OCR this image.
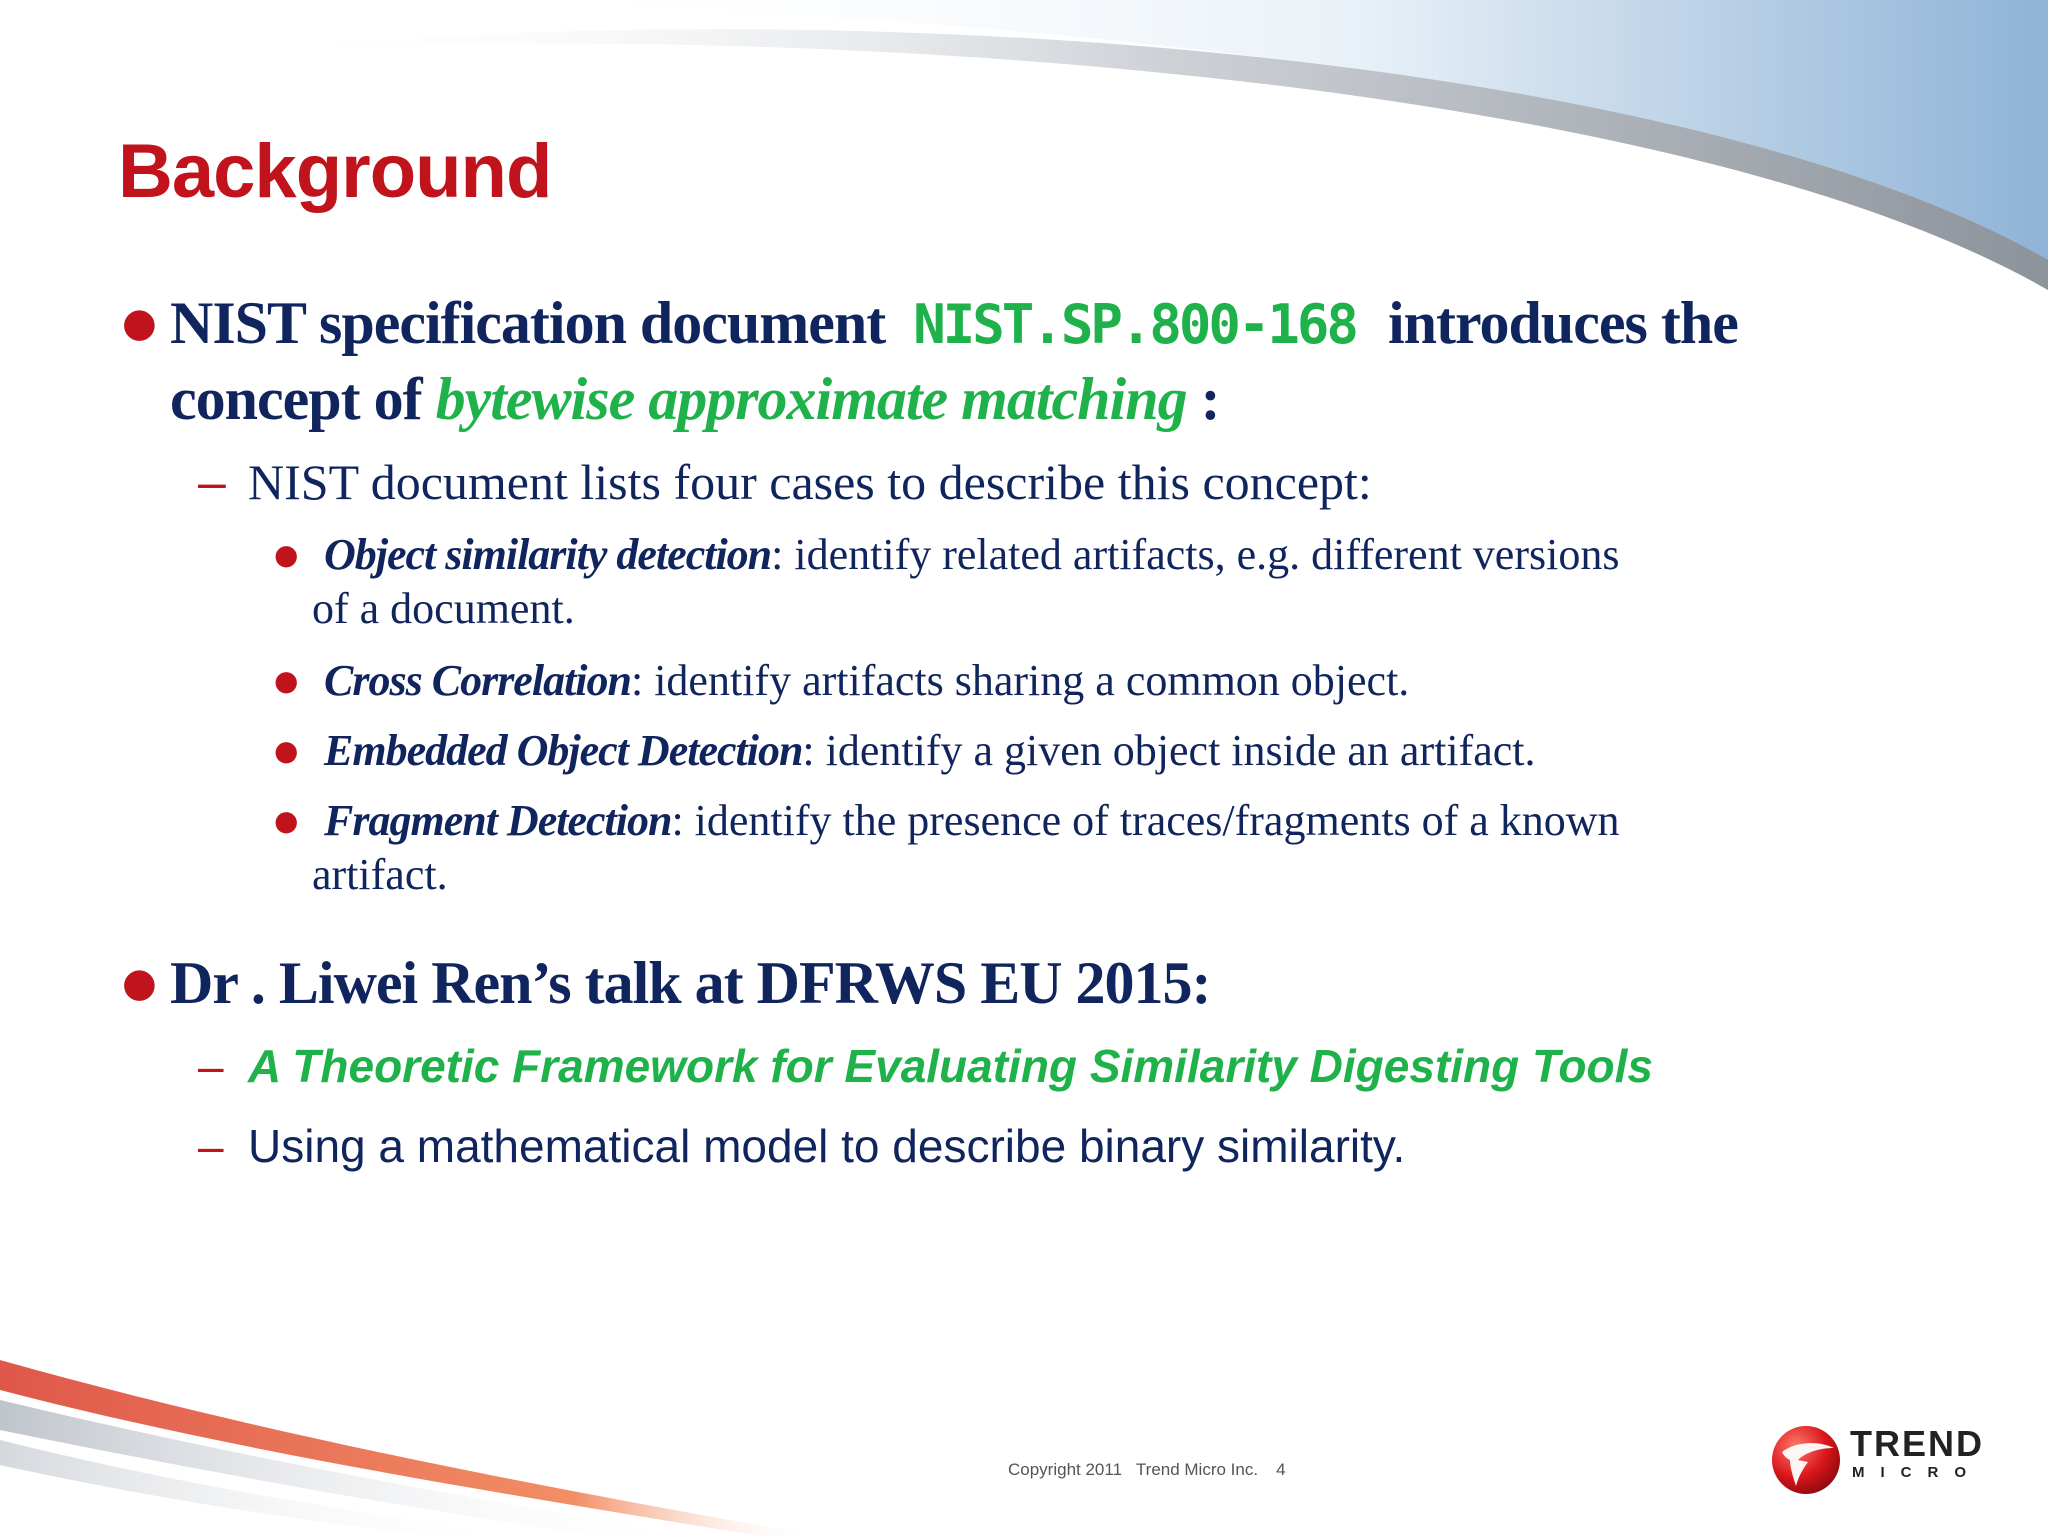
Background
● NIST specification document NIST.SP.800-168 introduces the
concept of bytewise approximate matching :
– NIST document lists four cases to describe this concept:
● Object similarity detection: identify related artifacts, e.g. different versions
of a document.
● Cross Correlation: identify artifacts sharing a common object.
● Embedded Object Detection: identify a given object inside an artifact.
● Fragment Detection: identify the presence of traces/fragments of a known
artifact.
● Dr . Liwei Ren’s talk at DFRWS EU 2015:
– A Theoretic Framework for Evaluating Similarity Digesting Tools
– Using a mathematical model to describe binary similarity.
Copyright 2011   Trend Micro Inc. 4
TREND
MICRO
